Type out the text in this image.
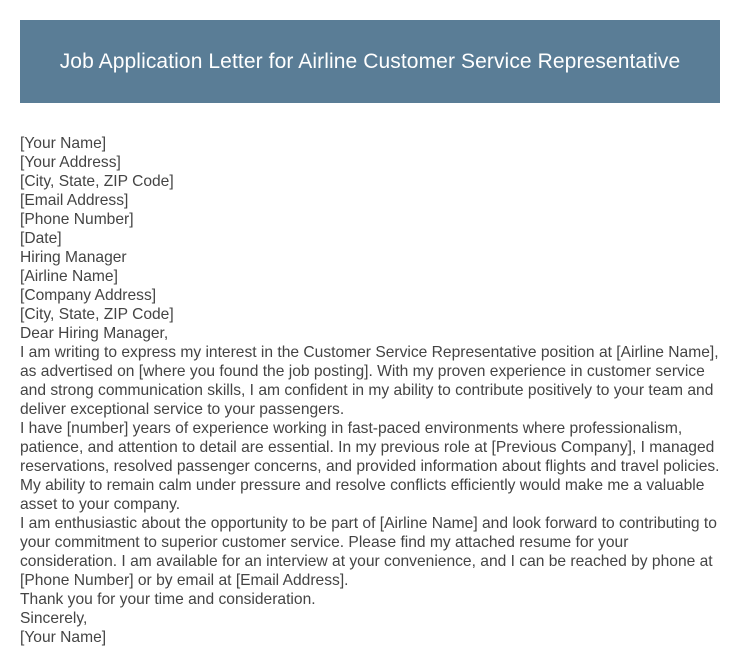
Job Application Letter for Airline Customer Service Representative
[Your Name]
[Your Address]
[City, State, ZIP Code]
[Email Address]
[Phone Number]
[Date]
Hiring Manager
[Airline Name]
[Company Address]
[City, State, ZIP Code]
Dear Hiring Manager,
I am writing to express my interest in the Customer Service Representative position at [Airline Name], as advertised on [where you found the job posting]. With my proven experience in customer service and strong communication skills, I am confident in my ability to contribute positively to your team and deliver exceptional service to your passengers.
I have [number] years of experience working in fast-paced environments where professionalism, patience, and attention to detail are essential. In my previous role at [Previous Company], I managed reservations, resolved passenger concerns, and provided information about flights and travel policies. My ability to remain calm under pressure and resolve conflicts efficiently would make me a valuable asset to your company.
I am enthusiastic about the opportunity to be part of [Airline Name] and look forward to contributing to your commitment to superior customer service. Please find my attached resume for your consideration. I am available for an interview at your convenience, and I can be reached by phone at [Phone Number] or by email at [Email Address].
Thank you for your time and consideration.
Sincerely,
[Your Name]
